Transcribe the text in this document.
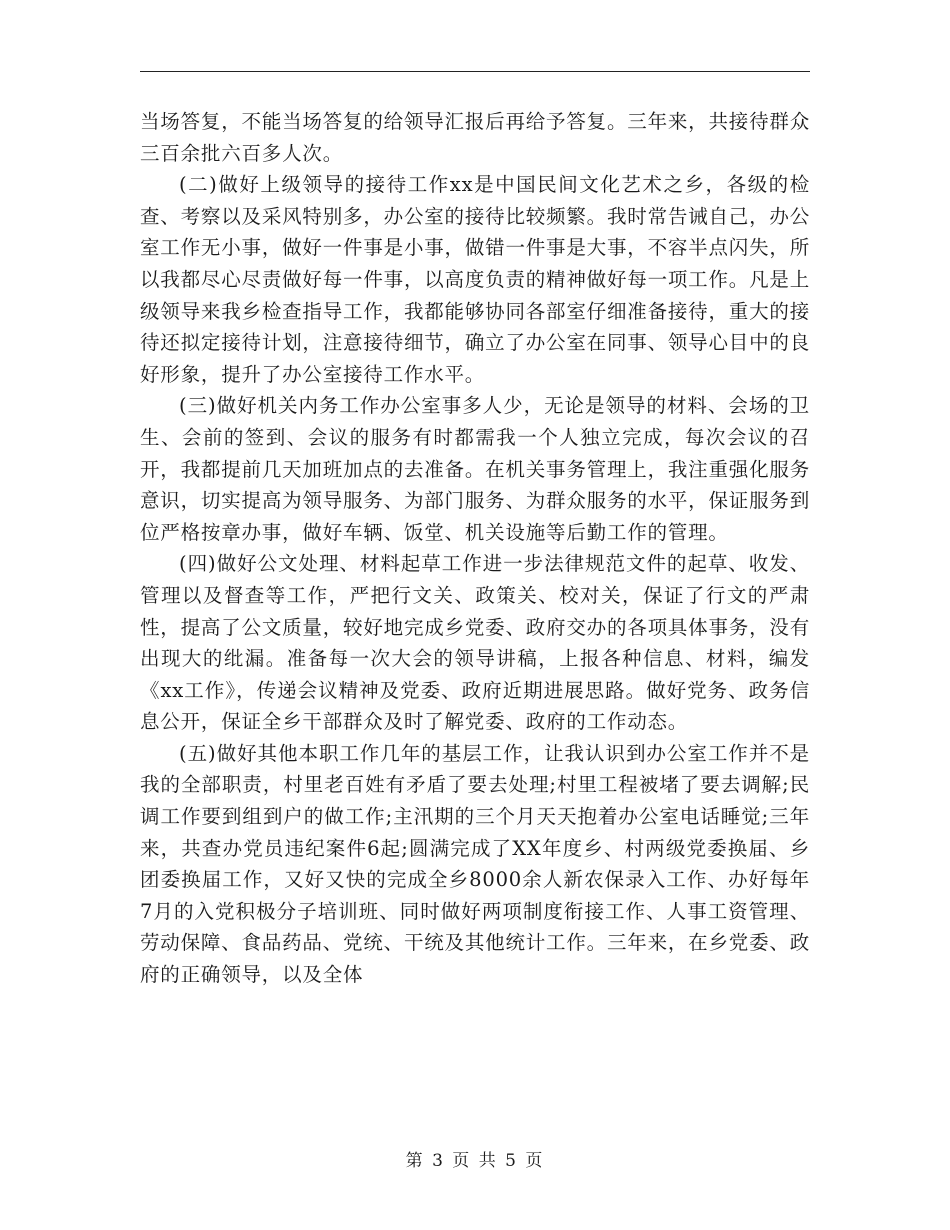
当场答复，不能当场答复的给领导汇报后再给予答复。三年来，共接待群众三百余批六百多人次。

(二)做好上级领导的接待工作xx是中国民间文化艺术之乡，各级的检查、考察以及采风特别多，办公室的接待比较频繁。我时常告诫自己，办公室工作无小事，做好一件事是小事，做错一件事是大事，不容半点闪失，所以我都尽心尽责做好每一件事，以高度负责的精神做好每一项工作。凡是上级领导来我乡检查指导工作，我都能够协同各部室仔细准备接待，重大的接待还拟定接待计划，注意接待细节，确立了办公室在同事、领导心目中的良好形象，提升了办公室接待工作水平。

(三)做好机关内务工作办公室事多人少，无论是领导的材料、会场的卫生、会前的签到、会议的服务有时都需我一个人独立完成，每次会议的召开，我都提前几天加班加点的去准备。在机关事务管理上，我注重强化服务意识，切实提高为领导服务、为部门服务、为群众服务的水平，保证服务到位严格按章办事，做好车辆、饭堂、机关设施等后勤工作的管理。

(四)做好公文处理、材料起草工作进一步法律规范文件的起草、收发、管理以及督查等工作，严把行文关、政策关、校对关，保证了行文的严肃性，提高了公文质量，较好地完成乡党委、政府交办的各项具体事务，没有出现大的纰漏。准备每一次大会的领导讲稿，上报各种信息、材料，编发《xx工作》，传递会议精神及党委、政府近期进展思路。做好党务、政务信息公开，保证全乡干部群众及时了解党委、政府的工作动态。

(五)做好其他本职工作几年的基层工作，让我认识到办公室工作并不是我的全部职责，村里老百姓有矛盾了要去处理;村里工程被堵了要去调解;民调工作要到组到户的做工作;主汛期的三个月天天抱着办公室电话睡觉;三年来，共查办党员违纪案件6起;圆满完成了XX年度乡、村两级党委换届、乡团委换届工作，又好又快的完成全乡8000余人新农保录入工作、办好每年7月的入党积极分子培训班、同时做好两项制度衔接工作、人事工资管理、劳动保障、食品药品、党统、干统及其他统计工作。三年来，在乡党委、政府的正确领导，以及全体

第 3 页 共 5 页
